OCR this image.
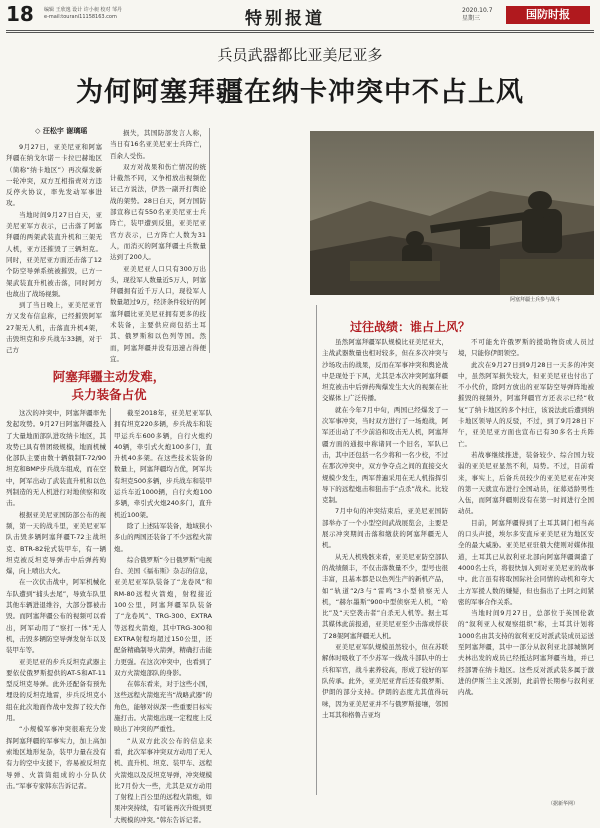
18 编辑 王欣逸 设计 许小昶 校对 邹丹
e-mail:tourani11158163.com	特别报道	2020.10.7
星期三	国防时报
兵员武器都比亚美尼亚多
为何阿塞拜疆在纳卡冲突中不占上风
◇ 汪松宇 谢璃瑶

9月27日，亚美尼亚和阿塞拜疆在纳戈尔诺－卡拉巴赫地区（简称“纳卡地区”）再次爆发新一轮冲突，双方互相指责对方违反停火协议，率先发动军事进攻。

当地时间9月27日白天，亚美尼亚军方表示，已击落了阿塞拜疆的两架武装直升机和三架无人机，亚方还摧毁了三辆坦克。同时，亚美尼亚方面还击落了12个防空导弹系统被摧毁，已方一架武装直升机被击落，同时阿方也故出了战场视频。

到了当日晚上，亚美尼亚官方又发布信息称，已经摧毁阿军27架无人机，击落直升机4架，击毁坦克和步兵战车33辆，对于己方

损失，其国防部发言人称，当日有16名亚美尼亚士兵阵亡，百余人受伤。

双方对战果和伤亡情况的统计截然不同，又争相放出视频佐证己方说法，伊然一副开打舆论战的架势。28日白天，阿方国防部宣称已有550名亚美尼亚士兵阵亡，装甲遭到反狙，亚美尼亚官方表示，已方阵亡人数为31人，而消灭的阿塞拜疆士兵数量达到了200人。

亚美尼亚人口只有300万出头，现役军人数量近5万人，阿塞拜疆拥有近千万人口，现役军人数量超过9万，经济条件较好的阿塞拜疆比亚美尼亚拥有更多的技术装备，主要供应商包括土耳其、俄罗斯和以色列等国。然而，阿塞拜疆并没有迅速占得便宜。

阿塞拜疆士兵参与战斗
过往战绩：谁占上风？

虽然阿塞拜疆军队规模比亚美尼亚大，主战武器数量也相对较多，但在多次冲突与沙场攻击的战果，反而在军事冲突和舆论战中是现处于下风，尤其是本次冲突阿塞拜疆坦克被击中后弹药殉爆发生大火的视频在社交媒体上广泛传播。

就在今年7月中旬，两国已经爆发了一次军事冲突，当时双方进行了一场炮战，阿军还出动了不少前沿和攻击无人机，阿塞拜疆方面的通报中称诸同一个旧名，军队已击，其中还包括一名少将和一名少校，不过在那次冲突中，双方争夺点之间的直接交火规模少发生，两军普遍采用在无人机指挥引导下的远程炮击和狙击手“点杀”战术。比较克制。

7月中旬的冲突结束后，亚美尼亚国防部举办了一个小型空间武战展览会，主要是展示冲突期间击落和缴获的阿塞拜疆无人机。

从无人机残骸来看，亚美尼亚防空部队的战绩颇丰，不仅击落数量不少，型号也很丰富，且基本都是以色列生产的新机产品，如“轨道”2/3与“雷鸣”3小型侦察无人机，“赫尔墨斯”900中型侦察无人机，“哈比”及“天空袭击者”自杀无人机等。据土耳其媒体此前报道，亚美尼亚至少击落或俘获了28架阿塞拜疆无人机。

亚美尼亚军队规模虽然较小，但在苏联解体时吸收了不少苏军一线战斗部队中的士兵和军官，战斗素养较高，形成了较好的军队传承。此外，亚美尼亚背后还有俄罗斯、伊朗的部分支持。伊朗的态度尤其值得玩味，因为亚美尼亚并不与俄罗斯接壤，邻国土耳其和格鲁吉亚均

不可能允许俄罗斯的援助物资或人员过境，只能你伊朗领空。

此次在9月27日到9月28日一天多的冲突中，虽然阿军损失较大，但亚美尼亚也付出了不小代价，除阿方放出的亚军防空导弹阵地被摧毁的视频外，阿塞拜疆官方还表示已经“收复”了纳卡地区的多个村庄，该说法此后遭到纳卡地区领导人的反驳，不过，到了9月28日下午，亚美尼亚方面也宣布已有30多名士兵阵亡。

若战事继续推进，装备较少、综合国力较弱的亚美尼亚显然不利，局势。不过，目前看来，事实上，后备兵员较少的亚美尼亚在冲突的第一天就宣布进行全国动员，征募适龄男性入伍，而阿塞拜疆则没有在第一时间进行全国动员。

目前，阿塞拜疆得到了土耳其调门相当高的口头声援，埃尔多安直斥亚美尼亚为地区安全的最大威胁。亚美尼亚驻俄大使则对媒体报道，土耳其已从叙利亚北部向阿塞拜疆调遣了4000名士兵，将很快加入到对亚美尼亚的战事中。此言虽有将取国际社会同情的动机和夸大土方军援人数的嫌疑，但也指出了土阿之间紧密的军事合作关系。

当地时间9月27日，总部位于英国伦敦的“叙利亚人权观察组织”称，土耳其计划将1000名由其支持的叙利亚反对派武装成员运送至阿塞拜疆，其中一部分从叙利亚北部城镇阿夫林出发的成员已经抵达阿塞拜疆当地，并已经部署在纳卡地区。这些反对派武装多属于激进的伊斯兰主义派别，此前曾长期参与叙利亚内战。

阿塞拜疆主动发难，
兵力装备占优

这次的冲突中，阿塞拜疆率先发起攻势。9月27日阿塞拜疆投入了大量地面部队进攻纳卡地区，其攻势已具有曾团级规模，地面机械化部队主要由数十辆俄制T-72/90坦克和BMP步兵战车组成，而在空中，阿军出动了武装直升机和以色列制造的无人机进行对地侦察和攻击。

根据亚美尼亚国防部公布的视频，第一天的战斗里，亚美尼亚军队击毁多辆阿塞拜疆T-72主战坦克、BTR-82轮式装甲车，有一辆坦克被反坦克导弹击中后弹药殉爆，向上喷出大火。

在一次伏击战中，阿军机械化车队遭到“捕头去尾”，导致车队里其他车辆进退维谷，大部分都被击毁。而阿塞拜疆公布的视频可以看出，阿军动用了“察打一体”无人机，击毁多辆防空导弹发射车以及装甲车等。

亚美尼亚的步兵反坦克武器主要依仗俄罗斯提供的AT-5和AT-11型反坦克导弹。此外还配备有预先埋设的反坦克地雷，步兵反坦克小组在此次地面作战中发挥了较大作用。

“小规模军事冲突很难充分发挥阿塞拜疆的军事实力，加上高加索地区地形复杂，装甲力量在没有有力的空中支援下，容易被反坦克导弹、火箭筒组成的小分队伏击。”军事专家韩东告诉记者。

截至2018年，亚美尼亚军队拥有坦克220多辆，步兵战车和装甲运兵车600多辆，自行火炮约40辆，牵引式火炮100多门，直升机40多架。在这些技术装备的数量上，阿塞拜疆均占优，阿军共有坦克500多辆，步兵战车和装甲运兵车近1000辆，自行火炮100多辆，牵引式火炮240多门，直升机近100架。

除了上述陆军装备，地域狭小多山的两国还装备了不少远程火箭炮。

综合俄罗斯“今日俄罗斯”电视台、美国《福布斯》杂志的信息，亚美尼亚军队装备了“龙卷风”和RM-80远程火箭炮，射程接近100公里，阿塞拜疆军队装备了“龙卷风”、TRG-300、EXTRA等远程火箭炮，其中TRG-300和EXTRA射程均超过150公里，还配备精确制导火箭弹，精确打击能力更强。在这次冲突中，也看到了双方火箭炮部队的身影。

在韩东看来，对于这些小国，这些远程火箭炮充当“战略武器”的角色，能够对纵深一些重要目标实施打击。火箭炮出现一定程度上反映出了冲突的严重性。

“从双方此次公布的信息来看，此次军事冲突双方动用了无人机、直升机、坦克、装甲车、远程火箭炮以及反坦克导弹，冲突规模比7月份大一些，尤其是双方动用了射程上百公里的远程火箭炮，如果冲突持续，有可能再次升级到更大规模的冲突。”韩东告诉记者。

（据新华网）
